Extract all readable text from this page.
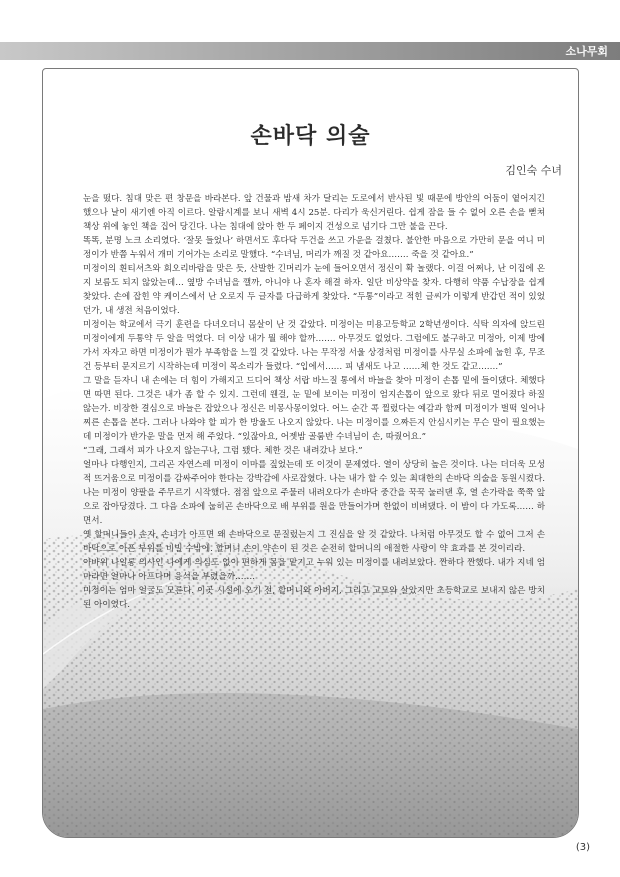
소나무회
손바닥 의술
김인숙 수녀

눈을 떴다. 침대 맞은 편 창문을 바라본다. 앞 건물과 밤새 차가 달리는 도로에서 반사된 빛 때문에 방안의 어둠이 옅어지긴 했으나 날이 새기엔 아직 이르다. 알람시계를 보니 새벽 4시 25분. 다리가 욱신거린다. 쉽게 잠을 들 수 없어 오른 손을 뻗쳐 책상 위에 놓인 책을 집어 당긴다. 나는 침대에 앉아 한 두 페이지 건성으로 넘기다 그만 불을 끈다.

똑똑, 분명 노크 소리였다. ‘잘못 들었나’ 하면서도 후다닥 두건을 쓰고 가운을 걸쳤다. 불안한 마음으로 가만히 문을 여니 미정이가 반쯤 누워서 개미 기어가는 소리로 말했다. “수녀님, 머리가 깨질 것 같아요……. 죽을 것 같아요.”

미정이의 흰티셔츠와 회오리바람을 맞은 듯, 산발한 긴머리가 눈에 들어오면서 정신이 확 놀랬다. 이걸 어쩌나, 난 이집에 온지 보름도 되지 않았는데… 옆방 수녀님을 깰까, 아니야 나 혼자 해결 하자. 일단 비상약을 찾자. 다행히 약품 수납장을 쉽게 찾았다. 손에 잡힌 약 케이스에서 난 오로지 두 글자를 다급하게 찾았다. “두통”이라고 적힌 글씨가 이렇게 반갑던 적이 있었던가, 내 생전 처음이었다.

미정이는 학교에서 극기 훈련을 다녀오더니 몸살이 난 것 같았다. 미정이는 미용고등학교 2학년생이다. 식탁 의자에 앉드린 미정이에게 두통약 두 알을 먹였다. 더 이상 내가 뭘 해야 할까……. 아무것도 없었다. 그럼에도 불구하고 미정아, 이제 방에 가서 자자고 하면 미정이가 뭔가 부족함을 느낄 것 같았다. 나는 무작정 서울 상경처럼 미정이를 사무실 소파에 눕힌 후, 무조건 등부터 문지르기 시작하는데 미정이 목소리가 들렸다. “입에서…… 피 냄새도 나고 ……체 한 것도 같고…….”

그 말을 듣자니 내 손에는 더 힘이 가해지고 드디어 책상 서랍 바느질 통에서 바늘을 찾아 미정이 손톱 밑에 들이댔다. 체했다면 따면 된다. 그것은 내가 좀 할 수 있지. 그런데 웬걸, 눈 밑에 보이는 미정이 엄지손톱이 앞으로 왔다 뒤로 멀어졌다 하질 않는가. 비장한 결심으로 바늘은 잡았으나 정신은 비몽사몽이었다. 어느 순간 콕 찔렀다는 예감과 함께 미정이가 벌떡 일어나 찌른 손톱을 본다. 그러나 나와야 할 피가 한 방울도 나오지 않았다. 나는 미정이를 으짜든지 안심시키는 무슨 말이 필요했는데 미정이가 반가운 말을 먼저 해 주었다. “있잖아요, 어젯밤 골룸반 수녀님이 손, 따줬어요.”

“그래, 그래서 피가 나오지 않는구나, 그럼 됐다. 체한 것은 내려갔나 보다.”

얼마나 다행인지, 그리곤 자연스레 미정이 이마를 짚었는데 또 이것이 문제였다. 열이 상당히 높은 것이다. 나는 더더욱 모성적 뜨거움으로 미정이를 감싸주어야 한다는 강박감에 사로잡혔다. 나는 내가 할 수 있는 최대한의 손바닥 의술을 동원시켰다. 나는 미정이 양팔을 주무르기 시작했다. 점점 앞으로 주물러 내려오다가 손바닥 중간을 꾹꾹 눌러댄 후, 열 손가락을 쭉쭉 앞으로 잡아당겼다. 그 다음 소파에 눕히곤 손바닥으로 배 부위를 원을 만들어가며 한없이 비벼댔다. 이 밤이 다 가도록…… 하면서.

옛 할머니들이 손자, 손녀가 아프면 왜 손바닥으로 문질렀는지 그 진심을 알 것 같았다. 나처럼 아무것도 할 수 없어 그저 손바닥으로 아픈 부위를 비빌 수밖에. 할머니 손이 약손이 된 것은 순전히 할머니의 애절한 사랑이 약 효과를 본 것이리라.

아바위 나일롱 의사인 나에게 의심도 없이 편하게 몸을 맡기고 누워 있는 미정이를 내려보았다. 짠하다 짠했다. 내가 지네 엄마라면 얼마나 아프다며 응석을 부렸을까…….

미정이는 엄마 얼굴도 모른다. 이곳 시설에 오기 전, 할머니와 아버지, 그리고 고모와 살았지만 초등학교로 보내지 않은 방치된 아이였다.

(3)
